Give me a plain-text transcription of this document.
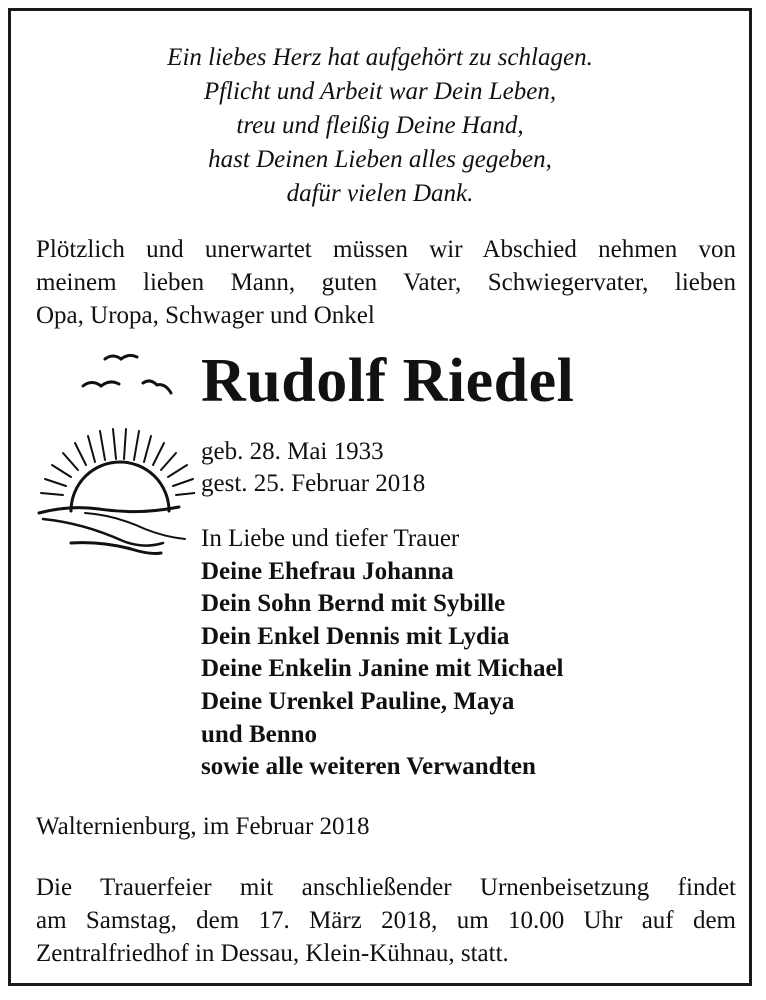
Ein liebes Herz hat aufgehört zu schlagen.
Pflicht und Arbeit war Dein Leben,
treu und fleißig Deine Hand,
hast Deinen Lieben alles gegeben,
dafür vielen Dank.
Plötzlich und unerwartet müssen wir Abschied nehmen von
meinem lieben Mann, guten Vater, Schwiegervater, lieben
Opa, Uropa, Schwager und Onkel
Rudolf Riedel
geb. 28. Mai 1933
gest. 25. Februar 2018
In Liebe und tiefer Trauer
Deine Ehefrau Johanna
Dein Sohn Bernd mit Sybille
Dein Enkel Dennis mit Lydia
Deine Enkelin Janine mit Michael
Deine Urenkel Pauline, Maya
und Benno
sowie alle weiteren Verwandten
Walternienburg, im Februar 2018
Die Trauerfeier mit anschließender Urnenbeisetzung findet
am Samstag, dem 17. März 2018, um 10.00 Uhr auf dem
Zentralfriedhof in Dessau, Klein-Kühnau, statt.
